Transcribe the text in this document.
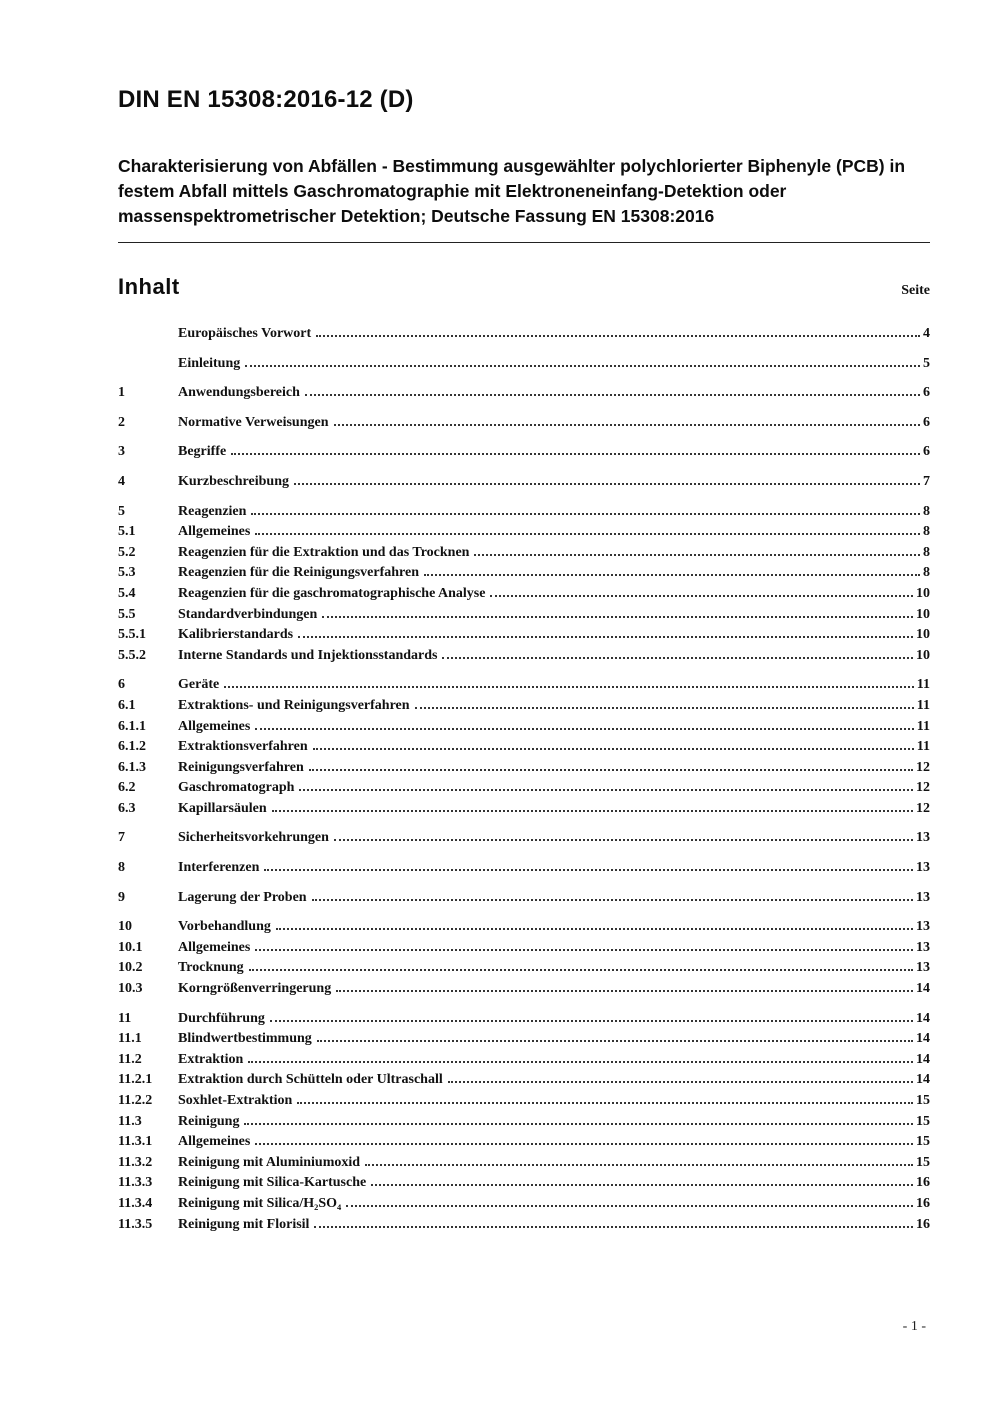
DIN EN 15308:2016-12 (D)

Charakterisierung von Abfällen - Bestimmung ausgewählter polychlorierter Biphenyle (PCB) in festem Abfall mittels Gaschromatographie mit Elektroneneinfang-Detektion oder massenspektrometrischer Detektion; Deutsche Fassung EN 15308:2016

Inhalt	Seite
Europäisches Vorwort	4
Einleitung	5
1	Anwendungsbereich	6
2	Normative Verweisungen	6
3	Begriffe	6
4	Kurzbeschreibung	7
5	Reagenzien	8
5.1	Allgemeines	8
5.2	Reagenzien für die Extraktion und das Trocknen	8
5.3	Reagenzien für die Reinigungsverfahren	8
5.4	Reagenzien für die gaschromatographische Analyse	10
5.5	Standardverbindungen	10
5.5.1	Kalibrierstandards	10
5.5.2	Interne Standards und Injektionsstandards	10
6	Geräte	11
6.1	Extraktions- und Reinigungsverfahren	11
6.1.1	Allgemeines	11
6.1.2	Extraktionsverfahren	11
6.1.3	Reinigungsverfahren	12
6.2	Gaschromatograph	12
6.3	Kapillarsäulen	12
7	Sicherheitsvorkehrungen	13
8	Interferenzen	13
9	Lagerung der Proben	13
10	Vorbehandlung	13
10.1	Allgemeines	13
10.2	Trocknung	13
10.3	Korngrößenverringerung	14
11	Durchführung	14
11.1	Blindwertbestimmung	14
11.2	Extraktion	14
11.2.1	Extraktion durch Schütteln oder Ultraschall	14
11.2.2	Soxhlet-Extraktion	15
11.3	Reinigung	15
11.3.1	Allgemeines	15
11.3.2	Reinigung mit Aluminiumoxid	15
11.3.3	Reinigung mit Silica-Kartusche	16
11.3.4	Reinigung mit Silica/H₂SO₄	16
11.3.5	Reinigung mit Florisil	16
- 1 -
